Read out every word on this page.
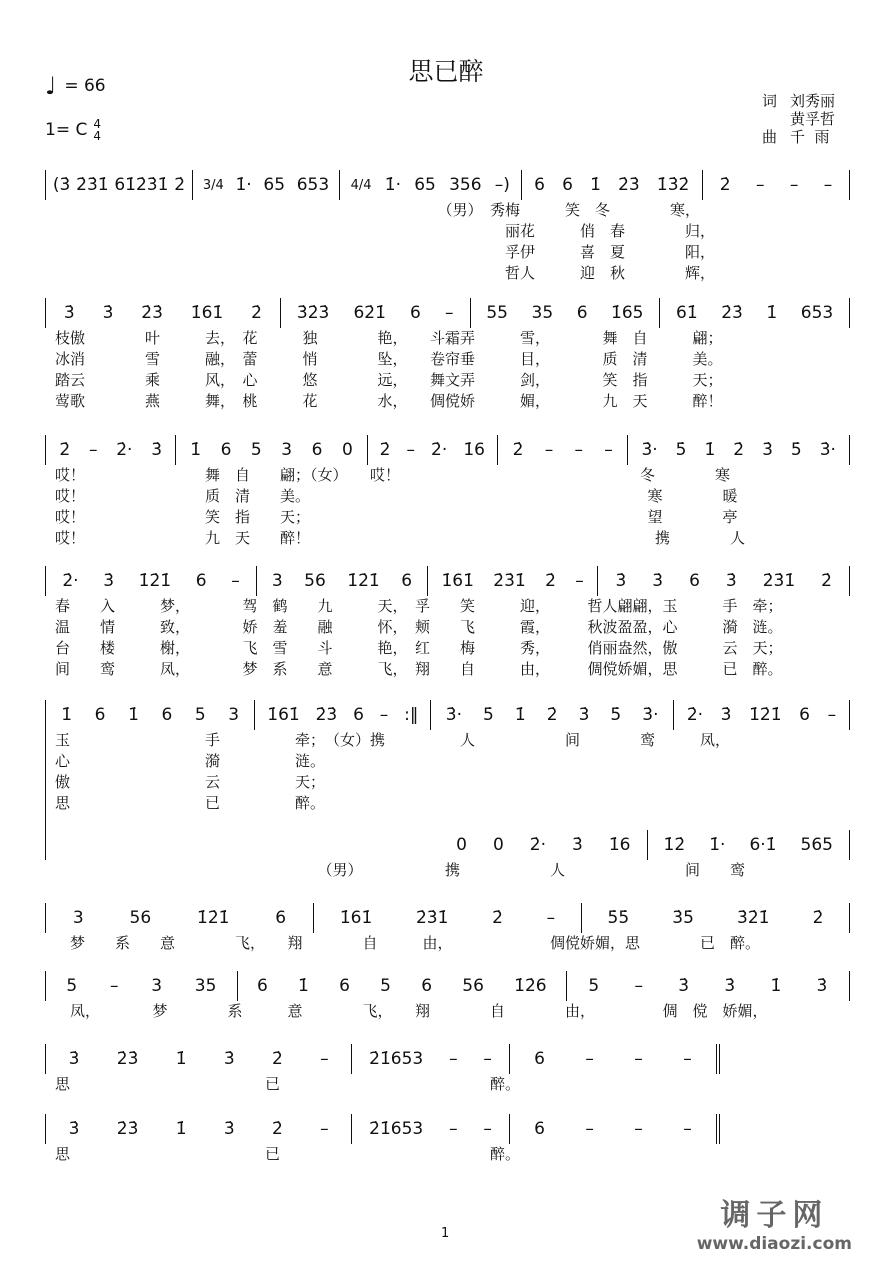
思已醉
♩ = 66
1= C 4
4
词 刘秀丽
黄孚哲
曲 千  雨
(3̇ 2̇3̇1̇ 61̇2̇3̇1̇ 2̇ 3/4 1̇· 65 653 4/4 1̇· 65 356 –) 6 6 1̇ 2̇3̇ 1̇3̇2̇ 2̇ – – –
　　　　　　　　　　　　　　　　　　　　　　　　　　（男）　秀梅　　　笑　冬　　　　寒，
　　　　　　　　　　　　　　　　　　　　　　　　　　　　　　丽花　　　俏　春　　　　归，
　　　　　　　　　　　　　　　　　　　　　　　　　　　　　　孚伊　　　喜　夏　　　　阳，
　　　　　　　　　　　　　　　　　　　　　　　　　　　　　　哲人　　　迎　秋　　　　辉，
3̇ 3̇ 2̇3̇ 1̇61̇ 2̇ 3̇2̇3̇ 62̇1̇ 6 – 55 35 6 1̇65 61̇ 2̇3̇ 1̇ 653
枝傲　　　　叶　　　去，　花　　　独　　　　艳，　　斗霜弄　　　雪，　　　　舞　自　　　翩；
冰消　　　　雪　　　融，　蕾　　　悄　　　　坠，　　卷帘垂　　　目，　　　　质　清　　　美。
踏云　　　　乘　　　风，　心　　　悠　　　　远，　　舞文弄　　　剑，　　　　笑　指　　　天；
莺歌　　　　燕　　　舞，　桃　　　花　　　　水，　　倜傥娇　　　媚，　　　　九　天　　　醉！
2̇ – 2̇· 3̇ 1̇ 6 5 3 6 0 2̇ – 2̇· 1̇6 2̇ – – – 3̇· 5̇ 1̇ 2̇ 3̇ 5̇ 3̇·
哎！　　　　　　　　舞　自　　翩；（女）　　哎！　　　　　　　　　　　　　　　　冬　　　　寒
哎！　　　　　　　　质　清　　美。　　　　　　　　　　　　　　　　　　　　　　　寒　　　　暖
哎！　　　　　　　　笑　指　　天；　　　　　　　　　　　　　　　　　　　　　　　望　　　　亭
哎！　　　　　　　　九　天　　醉！　　　　　　　　　　　　　　　　　　　　　　　携　　　　人
2̇· 3̇ 1̇2̇1̇ 6 – 3 56 1̇2̇1̇ 6 1̇61̇ 2̇3̇1̇ 2̇ – 3̇ 3̇ 6 3̇ 2̇3̇1̇ 2̇
春　　入　　　梦，　　　　驾　鹤　　九　　　天，　孚　　笑　　　迎，　　　哲人翩翩，玉　　　手　牵；
温　　情　　　致，　　　　娇　羞　　融　　　怀，　颊　　飞　　　霞，　　　秋波盈盈，心　　　漪　涟。
台　　楼　　　榭，　　　　飞　雪　　斗　　　艳，　红　　梅　　　秀，　　　俏丽盎然，傲　　　云　天；
间　　鸾　　　凤，　　　　梦　系　　意　　　飞，　翔　　自　　　由，　　　倜傥娇媚，思　　　已　醉。
1̇ 6 1̇ 6 5 3 1̇61̇ 2̇3̇ 6 – :‖ 3̇· 5̇ 1̇ 2̇ 3̇ 5̇ 3̇· 2̇· 3̇ 1̇2̇1̇ 6 –
玉　　　　　　　　　手　　　　　牵；　（女）携　　　　　人　　　　　　间　　　　鸾　　　凤，
心　　　　　　　　　漪　　　　　涟。
傲　　　　　　　　　云　　　　　天；
思　　　　　　　　　已　　　　　醉。
0 0 2̇· 3̇ 1̇6 1̇2̇ 1̇· 6·1̇ 565
　　　　　　　　　　　　　　　　　　（男）　　　　　　携　　　　　　人　　　　　　　　间　　鸾
3	56	1̇2̇1̇	6	1̇61̇	2̇3̇1̇	2̇	–	5̇5̇	3̇5̇	3̇2̇1̇	2̇
　梦　　系　　意　　　　飞，　　翔　　　　自　　　由，　　　　　　　倜傥娇媚，思　　　　已　醉。
5 – 3 35 6 1̇ 6 5 6 56 1̇2̇6 5 – 3̇ 3̇ 1̇ 3̇
　凤，　　　　梦　　　　系　　　意　　　　飞，　　翔　　　　自　　　　由，　　　　　倜　傥　娇媚，
3̇ 2̇3̇ 1̇ 3̇ 2̇ – 2̇1̇653 – – 6 – – –
思　　　　　　　　　　　　　已　　　　　　　　　　　　　　醉。
3̇ 2̇3̇ 1̇ 3̇ 2̇ – 2̇1̇653 – – 6 – – –
思　　　　　　　　　　　　　已　　　　　　　　　　　　　　醉。
1
调子网
www.diaozi.com
